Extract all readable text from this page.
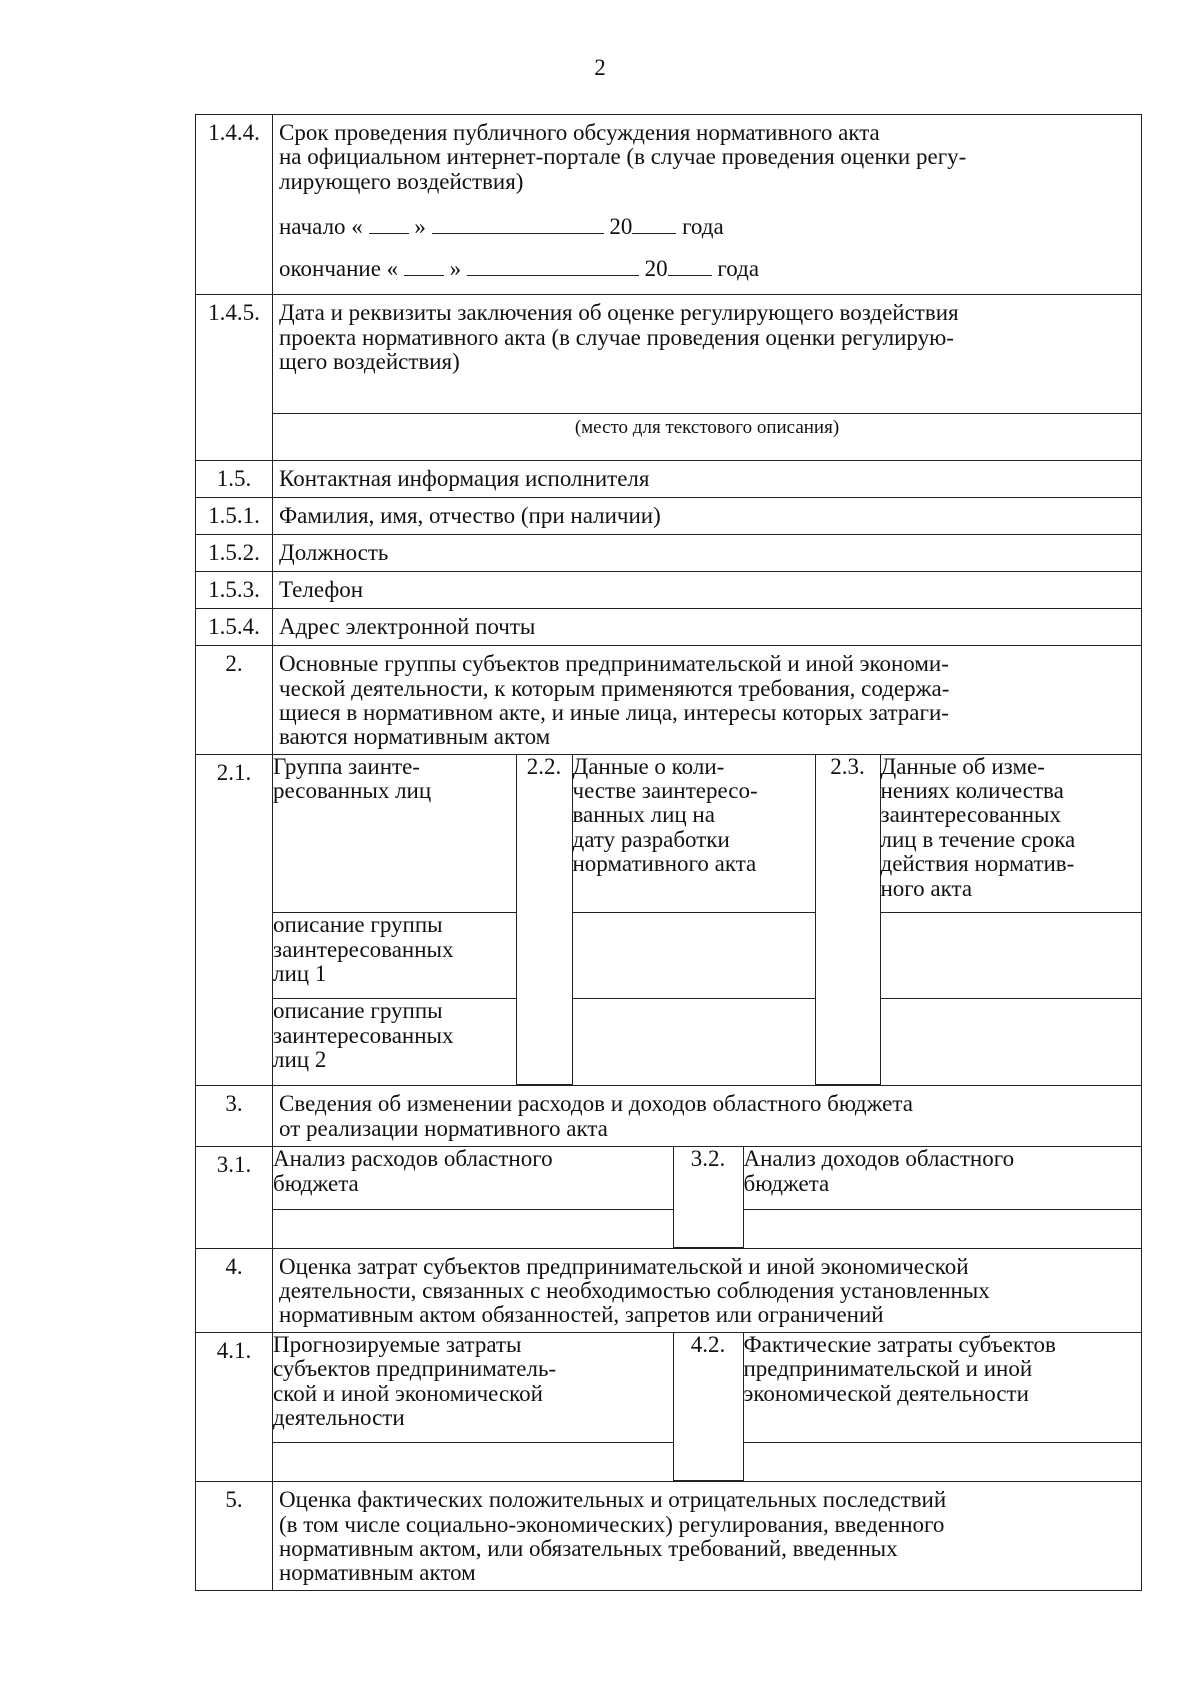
2
1.4.4.	Срок проведения публичного обсуждения нормативного акта
на официальном интернет-портале (в случае проведения оценки регу-
лирующего воздействия)
начало « »	20 года
окончание « »	20 года

1.4.5.	Дата и реквизиты заключения об оценке регулирующего воздействия
проекта нормативного акта (в случае проведения оценки регулирую-
щего воздействия)
(место для текстового описания)

1.5.	Контактная информация исполнителя
1.5.1.	Фамилия, имя, отчество (при наличии)
1.5.2.	Должность
1.5.3.	Телефон
1.5.4.	Адрес электронной почты
2.	Основные группы субъектов предпринимательской и иной экономи-
ческой деятельности, к которым применяются требования, содержа-
щиеся в нормативном акте, и иные лица, интересы которых затраги-
ваются нормативным актом

2.1.	Группа заинте-
ресованных лиц
	2.2.	Данные о коли-
честве заинтересо-
ванных лиц на
дату разработки
нормативного акта
	2.3.	Данные об изме-
нениях количества
заинтересованных
лиц в течение срока
действия норматив-
ного акта

описание группы
заинтересованных
лиц 1

описание группы
заинтересованных
лиц 2

3.	Сведения об изменении расходов и доходов областного бюджета
от реализации нормативного акта

3.1.	Анализ расходов областного
бюджета
	3.2.	Анализ доходов областного
бюджета

4.	Оценка затрат субъектов предпринимательской и иной экономической
деятельности, связанных с необходимостью соблюдения установленных
нормативным актом обязанностей, запретов или ограничений

4.1.	Прогнозируемые затраты
субъектов предприниматель-
ской и иной экономической
деятельности
	4.2.	Фактические затраты субъектов
предпринимательской и иной
экономической деятельности

5.	Оценка фактических положительных и отрицательных последствий
(в том числе социально-экономических) регулирования, введенного
нормативным актом, или обязательных требований, введенных
нормативным актом
